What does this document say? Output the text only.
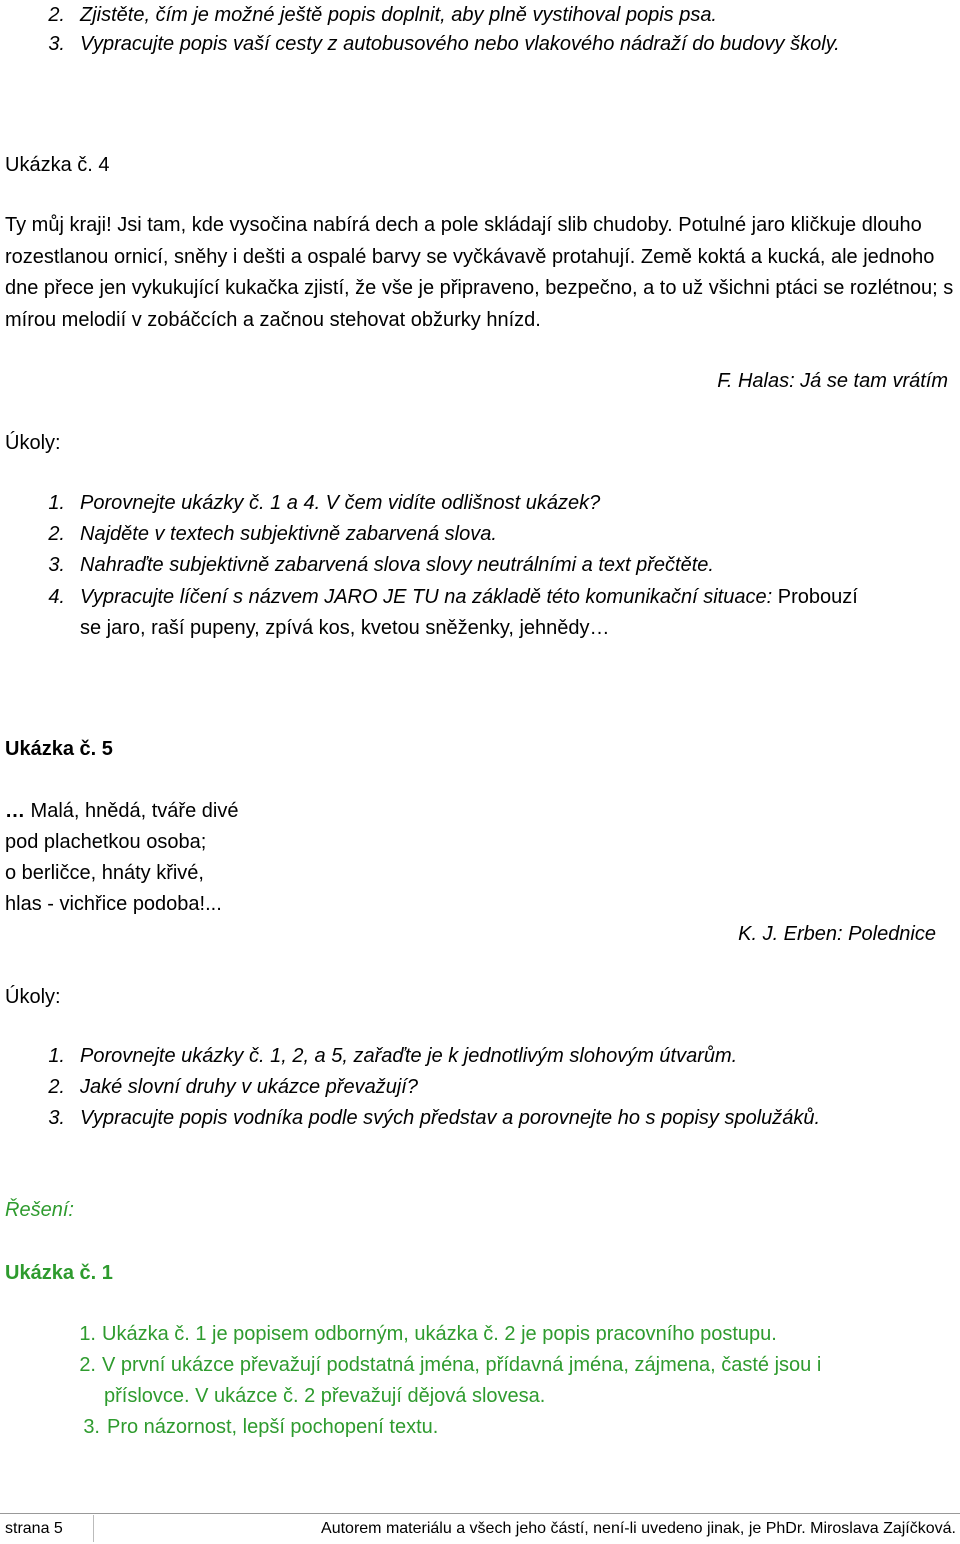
2. Zjistěte, čím je možné ještě popis doplnit, aby plně vystihoval popis psa.
3. Vypracujte popis vaší cesty z autobusového nebo vlakového nádraží do budovy školy.
Ukázka č. 4
Ty můj kraji! Jsi tam, kde vysočina nabírá dech a pole skládají slib chudoby. Potulné jaro kličkuje dlouho rozestlanou ornicí, sněhy i dešti a ospalé barvy se vyčkávavě protahují. Země koktá a kucká, ale jednoho dne přece jen vykukující kukačka zjistí, že vše je připraveno, bezpečno, a to už všichni ptáci se rozlétnou; s mírou melodií v zobáčcích a začnou stehovat obžurky hnízd.
F. Halas: Já se tam vrátím
Úkoly:
1. Porovnejte ukázky č. 1 a 4. V čem vidíte odlišnost ukázek?
2. Najděte v textech subjektivně zabarvená slova.
3. Nahraďte subjektivně zabarvená slova slovy neutrálními a text přečtěte.
4. Vypracujte líčení s názvem JARO JE TU na základě této komunikační situace: Probouzí
se jaro, raší pupeny, zpívá kos, kvetou sněženky, jehnědy…
Ukázka č. 5
… Malá, hnědá, tváře divé
pod plachetkou osoba;
o berličce, hnáty křivé,
hlas - vichřice podoba!...
K. J. Erben: Polednice
Úkoly:
1. Porovnejte ukázky č. 1, 2, a 5, zařaďte je k jednotlivým slohovým útvarům.
2. Jaké slovní druhy v ukázce převažují?
3. Vypracujte popis vodníka podle svých představ a porovnejte ho s popisy spolužáků.
Řešení:
Ukázka č. 1
1. Ukázka č. 1 je popisem odborným, ukázka č. 2 je popis pracovního postupu.
2. V první ukázce převažují podstatná jména, přídavná jména, zájmena, časté jsou i
příslovce. V ukázce č. 2 převažují dějová slovesa.
3. Pro názornost, lepší pochopení textu.
strana 5	Autorem materiálu a všech jeho částí, není-li uvedeno jinak, je PhDr. Miroslava Zajíčková.
